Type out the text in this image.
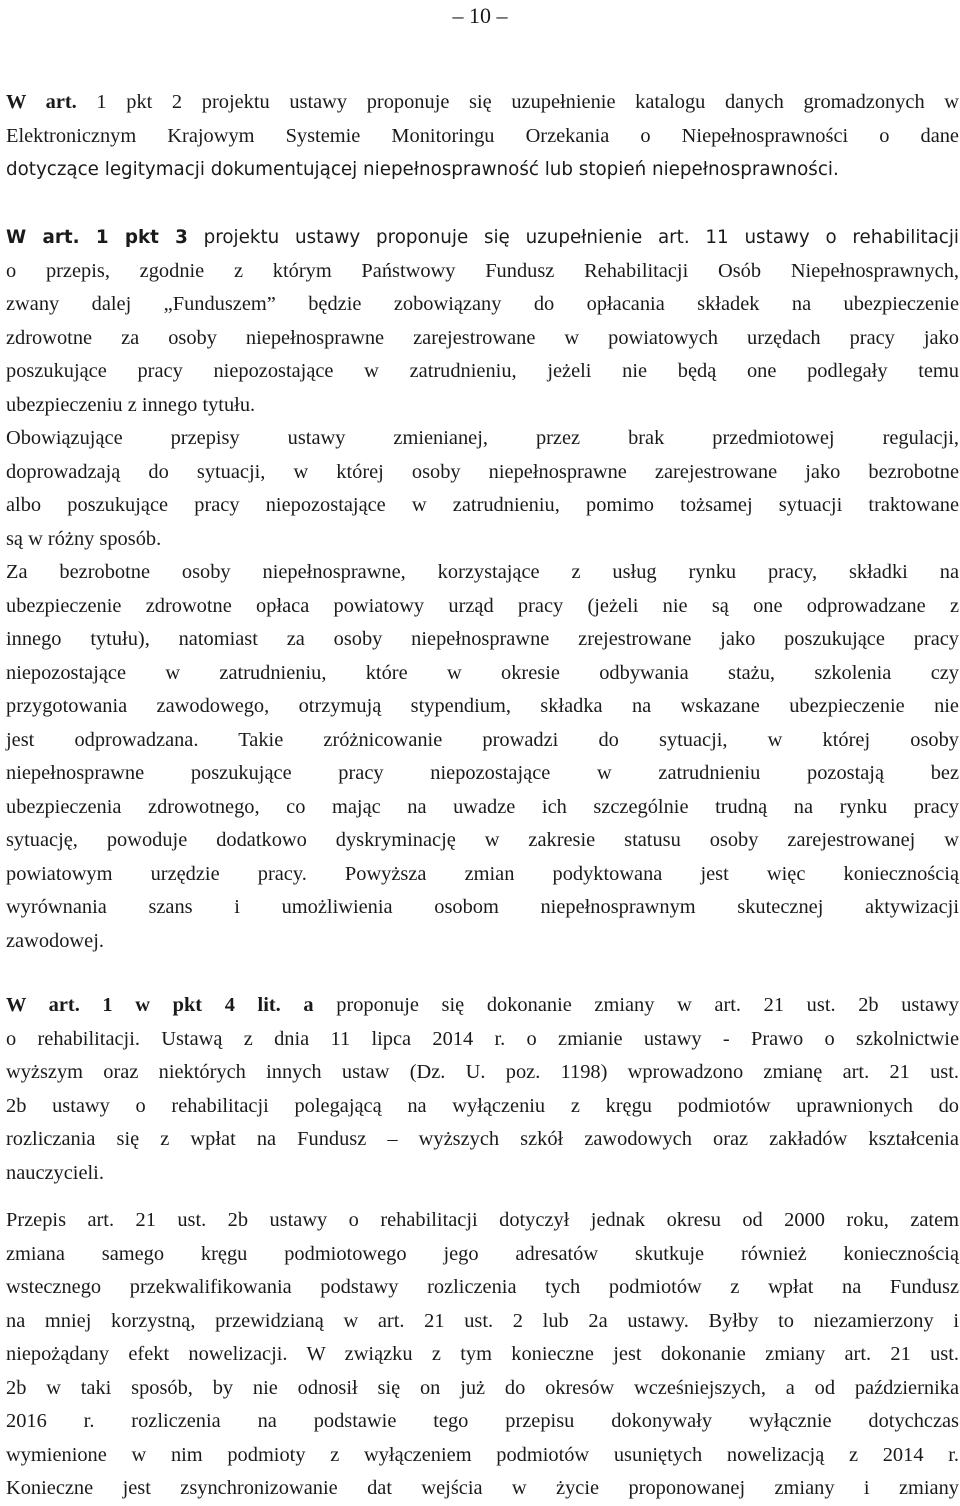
– 10 –
W art. 1 pkt 2 projektu ustawy proponuje się uzupełnienie katalogu danych gromadzonych w
Elektronicznym Krajowym Systemie Monitoringu Orzekania o Niepełnosprawności o dane
dotyczące legitymacji dokumentującej niepełnosprawność lub stopień niepełnosprawności.
W art. 1 pkt 3 projektu ustawy proponuje się uzupełnienie art. 11 ustawy o rehabilitacji
o przepis, zgodnie z którym Państwowy Fundusz Rehabilitacji Osób Niepełnosprawnych,
zwany dalej „Funduszem” będzie zobowiązany do opłacania składek na ubezpieczenie
zdrowotne za osoby niepełnosprawne zarejestrowane w powiatowych urzędach pracy jako
poszukujące pracy niepozostające w zatrudnieniu, jeżeli nie będą one podlegały temu
ubezpieczeniu z innego tytułu.
Obowiązujące przepisy ustawy zmienianej, przez brak przedmiotowej regulacji,
doprowadzają do sytuacji, w której osoby niepełnosprawne zarejestrowane jako bezrobotne
albo poszukujące pracy niepozostające w zatrudnieniu, pomimo tożsamej sytuacji traktowane
są w różny sposób.
Za bezrobotne osoby niepełnosprawne, korzystające z usług rynku pracy, składki na
ubezpieczenie zdrowotne opłaca powiatowy urząd pracy (jeżeli nie są one odprowadzane z
innego tytułu), natomiast za osoby niepełnosprawne zrejestrowane jako poszukujące pracy
niepozostające w zatrudnieniu, które w okresie odbywania stażu, szkolenia czy
przygotowania zawodowego, otrzymują stypendium, składka na wskazane ubezpieczenie nie
jest odprowadzana. Takie zróżnicowanie prowadzi do sytuacji, w której osoby
niepełnosprawne poszukujące pracy niepozostające w zatrudnieniu pozostają bez
ubezpieczenia zdrowotnego, co mając na uwadze ich szczególnie trudną na rynku pracy
sytuację, powoduje dodatkowo dyskryminację w zakresie statusu osoby zarejestrowanej w
powiatowym urzędzie pracy. Powyższa zmian podyktowana jest więc koniecznością
wyrównania szans i umożliwienia osobom niepełnosprawnym skutecznej aktywizacji
zawodowej.
W art. 1 w pkt 4 lit. a proponuje się dokonanie zmiany w art. 21 ust. 2b ustawy
o rehabilitacji. Ustawą z dnia 11 lipca 2014 r. o zmianie ustawy - Prawo o szkolnictwie
wyższym oraz niektórych innych ustaw (Dz. U. poz. 1198) wprowadzono zmianę art. 21 ust.
2b ustawy o rehabilitacji polegającą na wyłączeniu z kręgu podmiotów uprawnionych do
rozliczania się z wpłat na Fundusz – wyższych szkół zawodowych oraz zakładów kształcenia
nauczycieli.
Przepis art. 21 ust. 2b ustawy o rehabilitacji dotyczył jednak okresu od 2000 roku, zatem
zmiana samego kręgu podmiotowego jego adresatów skutkuje również koniecznością
wstecznego przekwalifikowania podstawy rozliczenia tych podmiotów z wpłat na Fundusz
na mniej korzystną, przewidzianą w art. 21 ust. 2 lub 2a ustawy. Byłby to niezamierzony i
niepożądany efekt nowelizacji. W związku z tym konieczne jest dokonanie zmiany art. 21 ust.
2b w taki sposób, by nie odnosił się on już do okresów wcześniejszych, a od października
2016 r. rozliczenia na podstawie tego przepisu dokonywały wyłącznie dotychczas
wymienione w nim podmioty z wyłączeniem podmiotów usuniętych nowelizacją z 2014 r.
Konieczne jest zsynchronizowanie dat wejścia w życie proponowanej zmiany i zmiany
